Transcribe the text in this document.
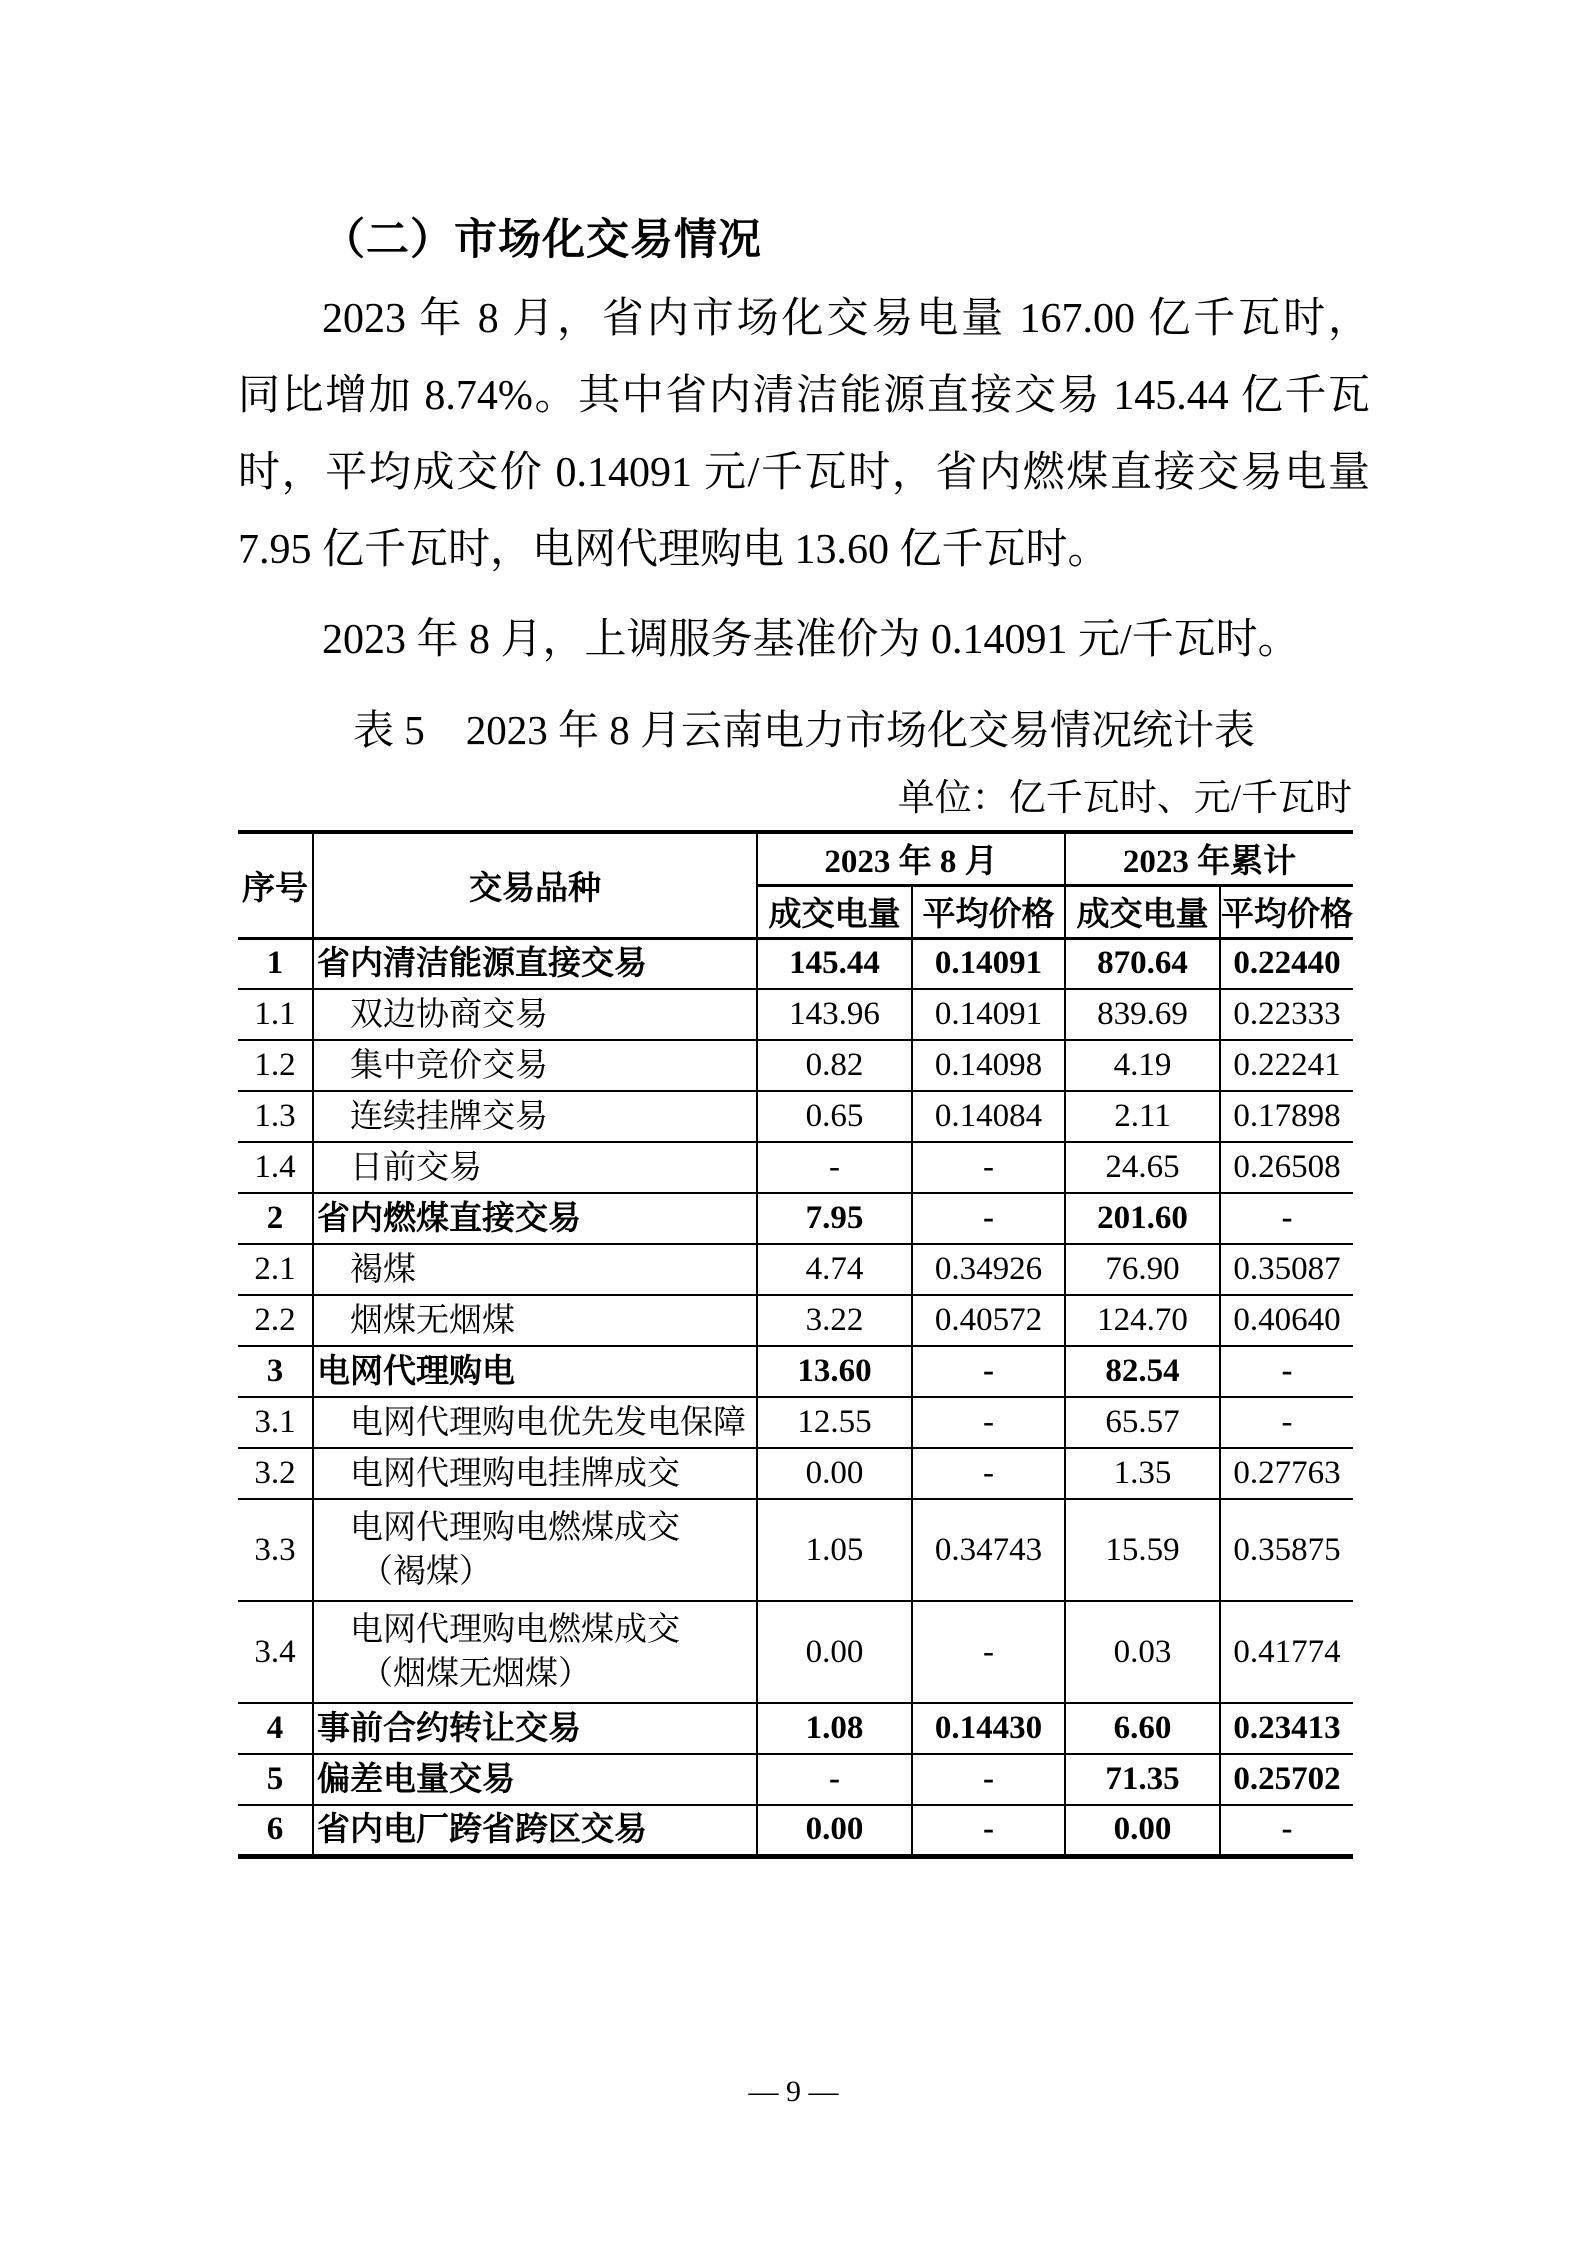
（二）市场化交易情况
2023 年 8 月，省内市场化交易电量 167.00 亿千瓦时，
同比增加 8.74%。其中省内清洁能源直接交易 145.44 亿千瓦
时，平均成交价 0.14091 元/千瓦时，省内燃煤直接交易电量
7.95 亿千瓦时，电网代理购电 13.60 亿千瓦时。
2023 年 8 月，上调服务基准价为 0.14091 元/千瓦时。
表 5　2023 年 8 月云南电力市场化交易情况统计表
单位：亿千瓦时、元/千瓦时
序号	交易品种	2023 年 8 月		2023 年累计	
		成交电量	平均价格	成交电量	平均价格
1	省内清洁能源直接交易	145.44	0.14091	870.64	0.22440
1.1	双边协商交易	143.96	0.14091	839.69	0.22333
1.2	集中竞价交易	0.82	0.14098	4.19	0.22241
1.3	连续挂牌交易	0.65	0.14084	2.11	0.17898
1.4	日前交易	-	-	24.65	0.26508
2	省内燃煤直接交易	7.95	-	201.60	-
2.1	褐煤	4.74	0.34926	76.90	0.35087
2.2	烟煤无烟煤	3.22	0.40572	124.70	0.40640
3	电网代理购电	13.60	-	82.54	-
3.1	电网代理购电优先发电保障	12.55	-	65.57	-
3.2	电网代理购电挂牌成交	0.00	-	1.35	0.27763
3.3	电网代理购电燃煤成交
（褐煤）	1.05	0.34743	15.59	0.35875
3.4	电网代理购电燃煤成交
（烟煤无烟煤）	0.00	-	0.03	0.41774
4	事前合约转让交易	1.08	0.14430	6.60	0.23413
5	偏差电量交易	-	-	71.35	0.25702
6	省内电厂跨省跨区交易	0.00	-	0.00	-
— 9 —
